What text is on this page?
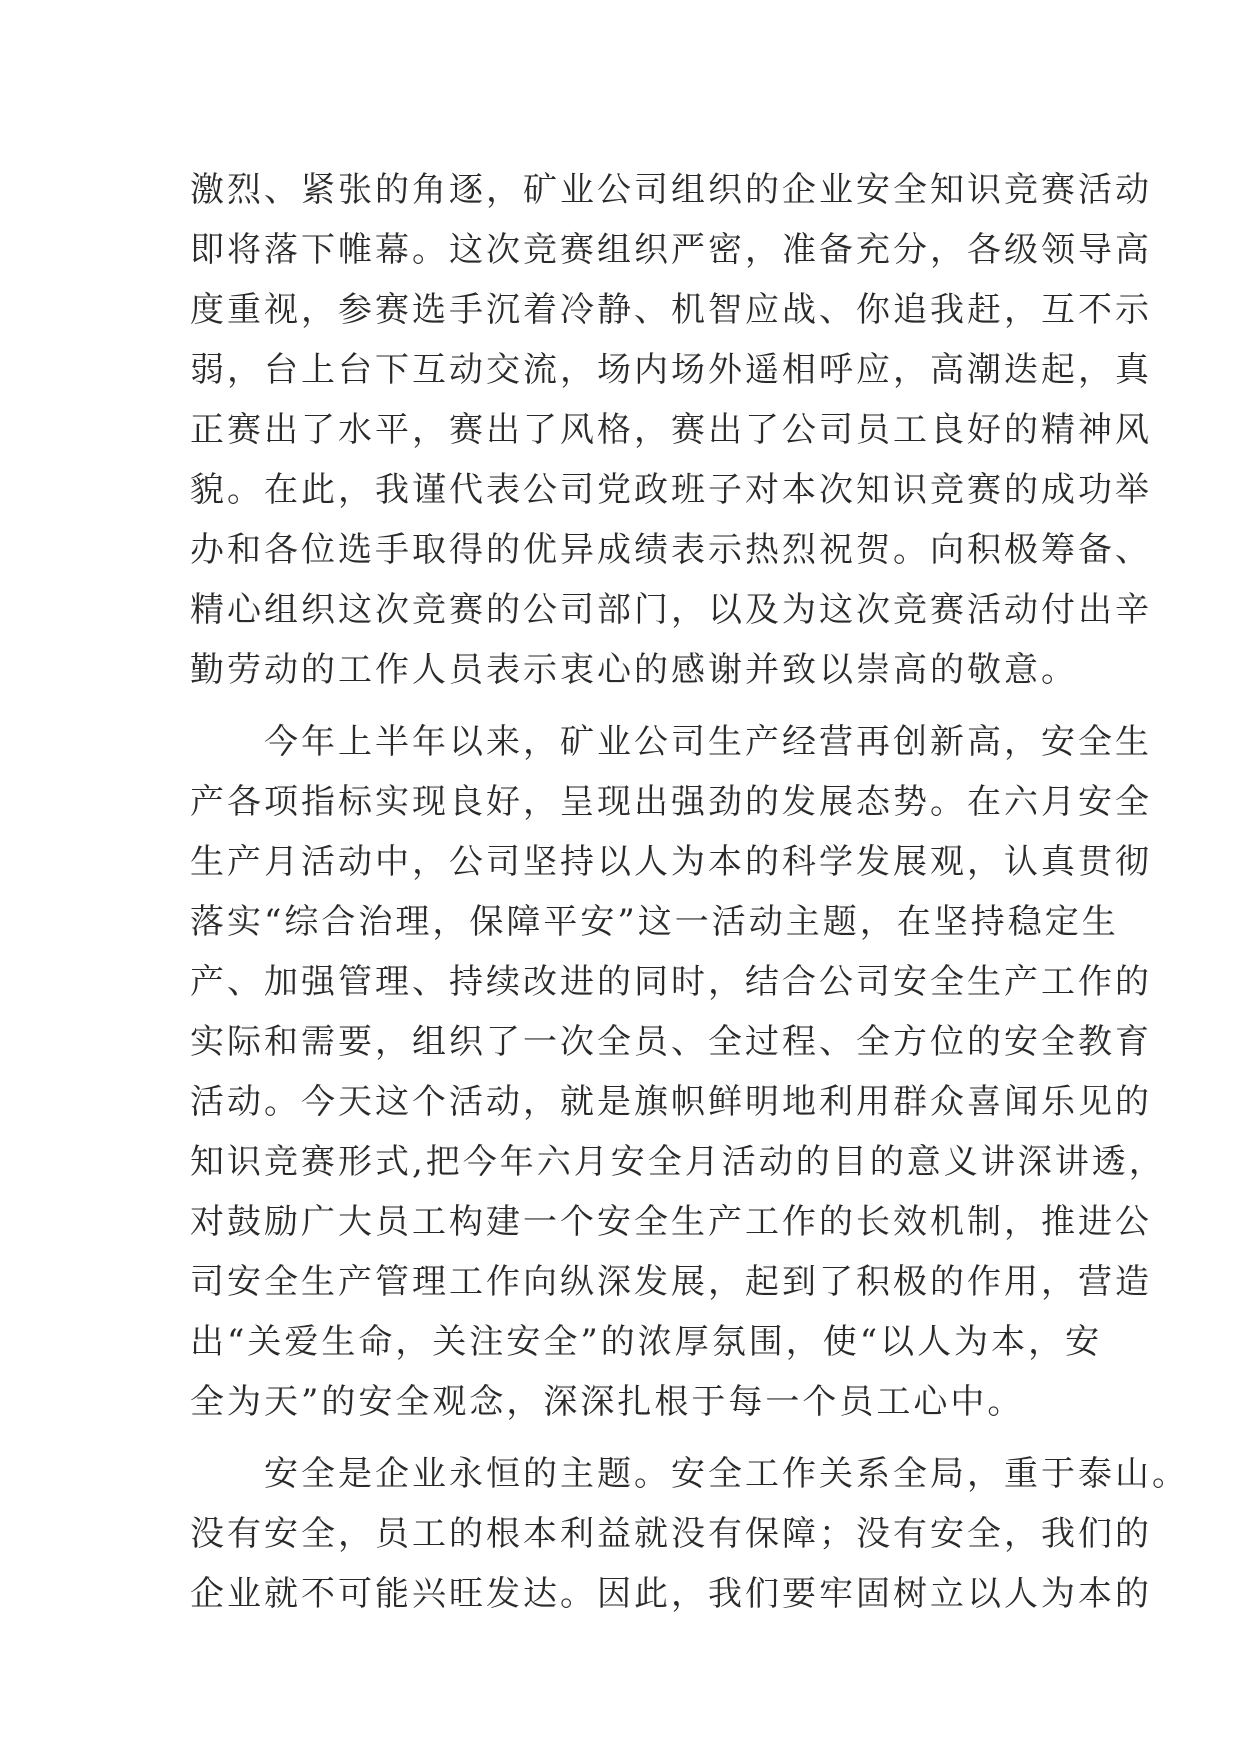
激烈、紧张的角逐，矿业公司组织的企业安全知识竞赛活动
即将落下帷幕。这次竞赛组织严密，准备充分，各级领导高
度重视，参赛选手沉着冷静、机智应战、你追我赶，互不示
弱，台上台下互动交流，场内场外遥相呼应，高潮迭起，真
正赛出了水平，赛出了风格，赛出了公司员工良好的精神风
貌。在此，我谨代表公司党政班子对本次知识竞赛的成功举
办和各位选手取得的优异成绩表示热烈祝贺。向积极筹备、
精心组织这次竞赛的公司部门，以及为这次竞赛活动付出辛
勤劳动的工作人员表示衷心的感谢并致以崇高的敬意。
　　今年上半年以来，矿业公司生产经营再创新高，安全生
产各项指标实现良好，呈现出强劲的发展态势。在六月安全
生产月活动中，公司坚持以人为本的科学发展观，认真贯彻
落实“综合治理，保障平安”这一活动主题，在坚持稳定生
产、加强管理、持续改进的同时，结合公司安全生产工作的
实际和需要，组织了一次全员、全过程、全方位的安全教育
活动。今天这个活动，就是旗帜鲜明地利用群众喜闻乐见的
知识竞赛形式,把今年六月安全月活动的目的意义讲深讲透，
对鼓励广大员工构建一个安全生产工作的长效机制，推进公
司安全生产管理工作向纵深发展，起到了积极的作用，营造
出“关爱生命，关注安全”的浓厚氛围，使“以人为本，安
全为天”的安全观念，深深扎根于每一个员工心中。
　　安全是企业永恒的主题。安全工作关系全局，重于泰山。
没有安全，员工的根本利益就没有保障；没有安全，我们的
企业就不可能兴旺发达。因此，我们要牢固树立以人为本的
